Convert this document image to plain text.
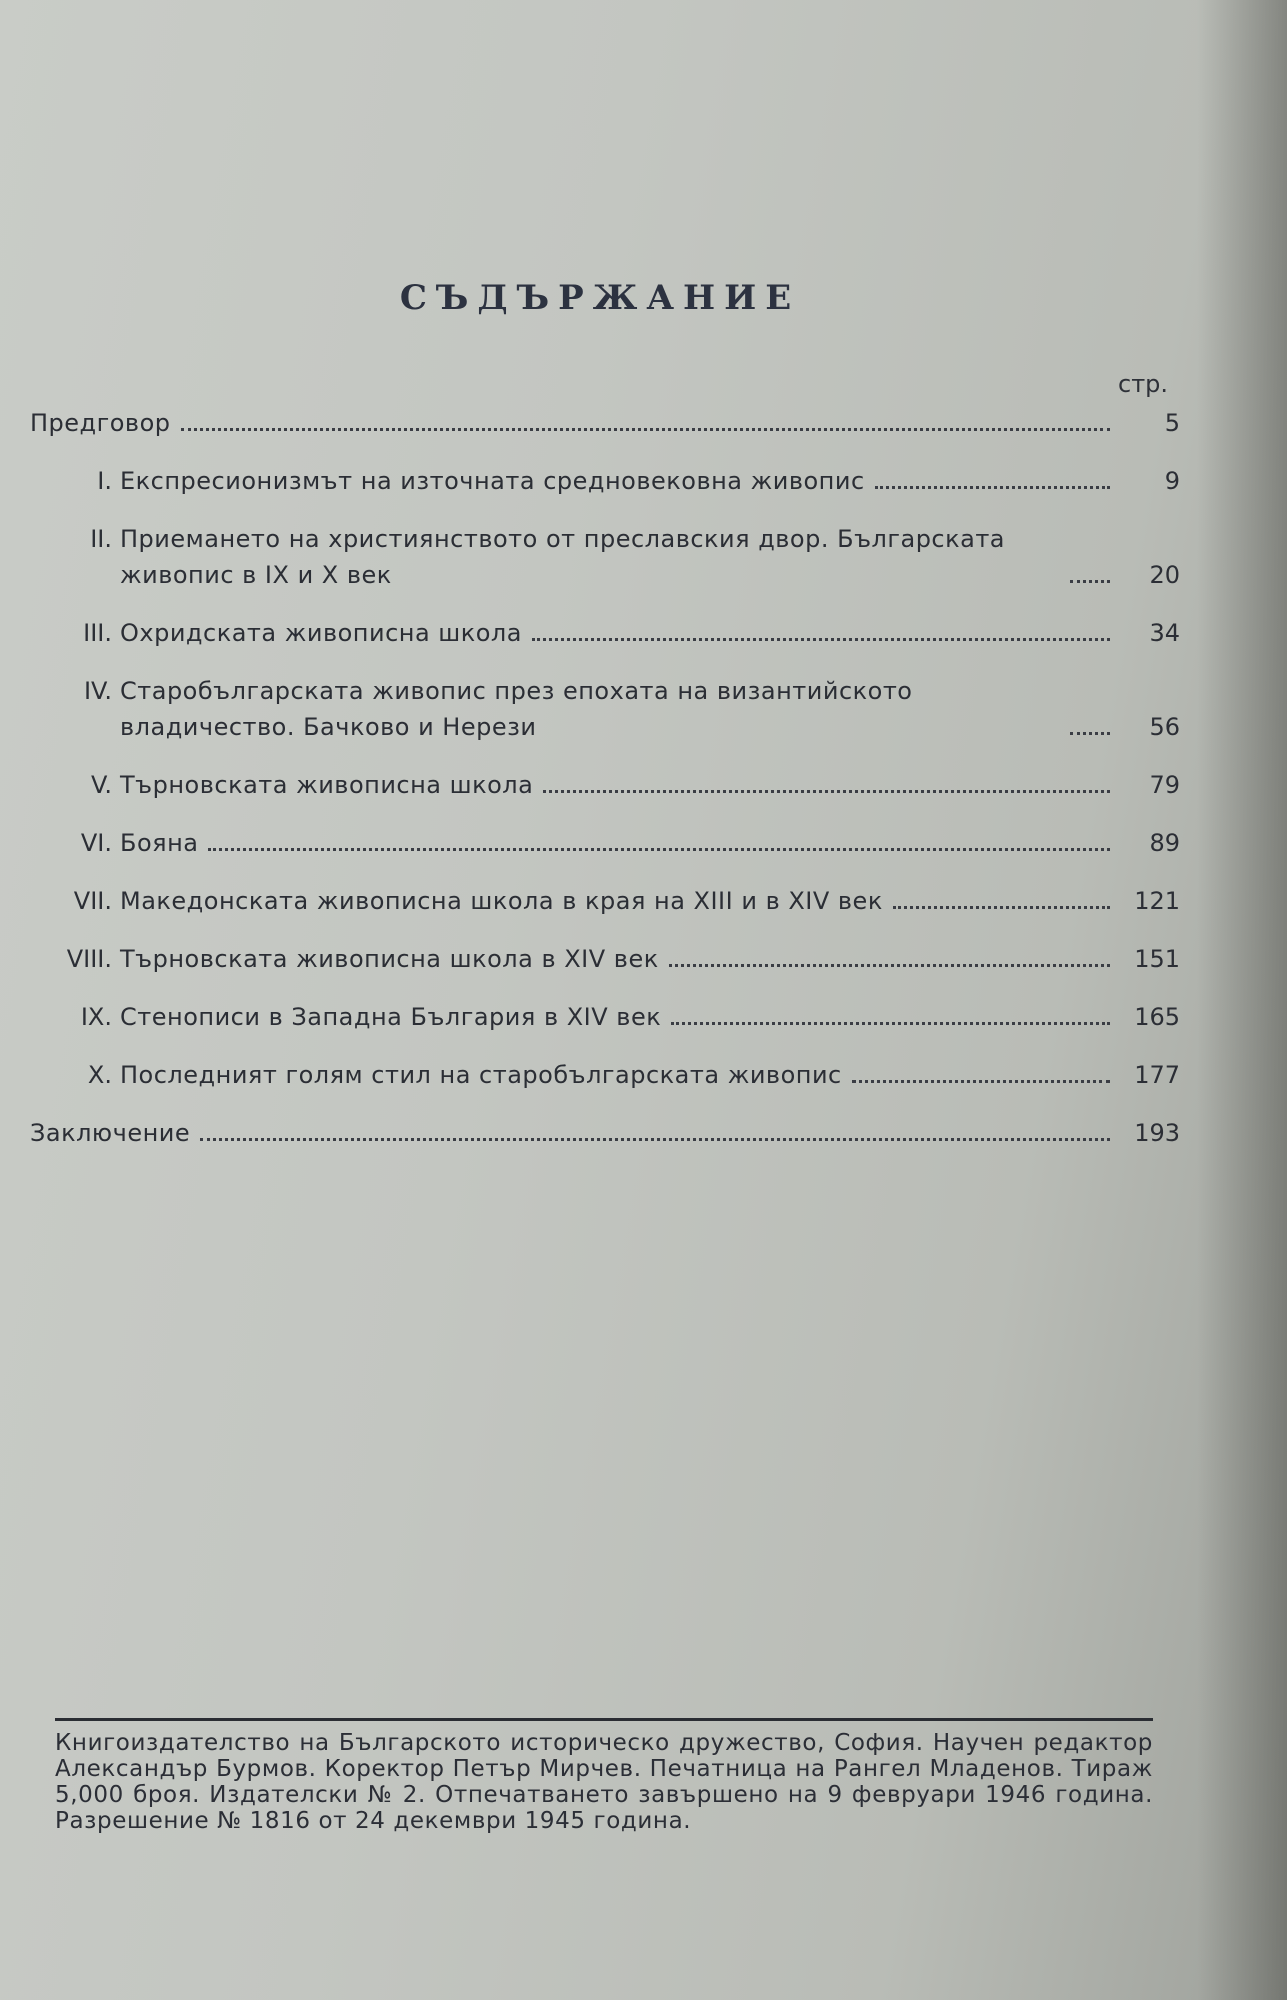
СЪДЪРЖАНИЕ
стр.
Предговор	5
I. Експресионизмът на източната средновековна живопис	9
II. Приемането на християнството от преславския двор. Българската живопис в IX и X век	20
III. Охридската живописна школа	34
IV. Старобългарската живопис през епохата на византийското владичество. Бачково и Нерези	56
V. Търновската живописна школа	79
VI. Бояна	89
VII. Македонската живописна школа в края на XIII и в XIV век	121
VIII. Търновската живописна школа в XIV век	151
IX. Стенописи в Западна България в XIV век	165
X. Последният голям стил на старобългарската живопис	177
Заключение	193
Книгоиздателство на Българското историческо дружество, София. Научен редактор Александър Бурмов. Коректор Петър Мирчев. Печатница на Рангел Младенов. Тираж 5,000 броя. Издателски № 2. Отпечатването завършено на 9 февруари 1946 година. Разрешение № 1816 от 24 декември 1945 година.
